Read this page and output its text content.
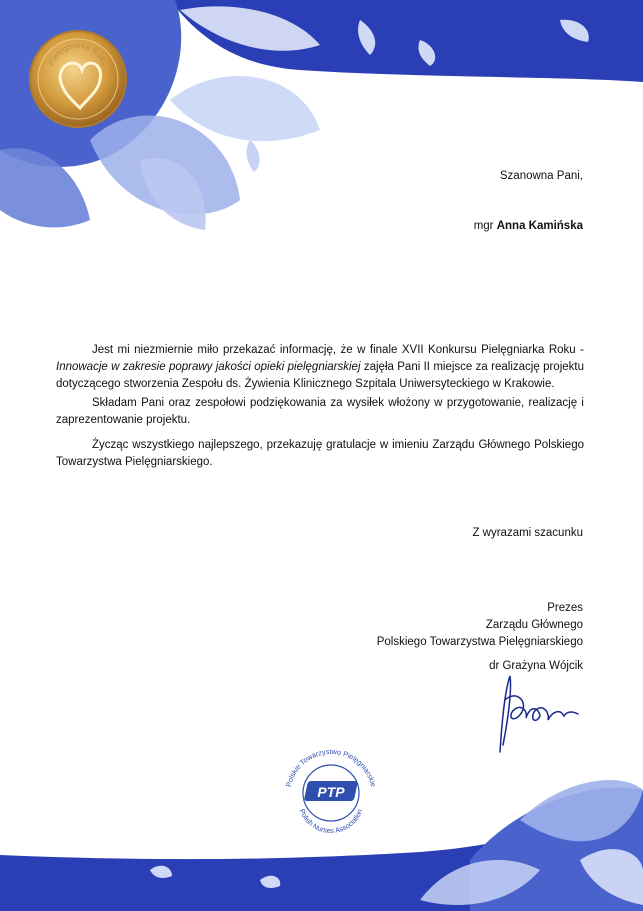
Pielęgniarka Roku
Szanowna Pani,
mgr Anna Kamińska

Jest mi niezmiernie miło przekazać informację, że w finale XVII Konkursu Pielęgniarka Roku - Innowacje w zakresie poprawy jakości opieki pielęgniarskiej zajęła Pani II miejsce za realizację projektu dotyczącego stworzenia Zespołu ds. Żywienia Klinicznego Szpitala Uniwersyteckiego w Krakowie.

Składam Pani oraz zespołowi podziękowania za wysiłek włożony w przygotowanie, realizację i zaprezentowanie projektu.

Życząc wszystkiego najlepszego, przekazuję gratulacje w imieniu Zarządu Głównego Polskiego Towarzystwa Pielęgniarskiego.

Z wyrazami szacunku
Prezes
Zarządu Głównego
Polskiego Towarzystwa Pielęgniarskiego
dr Grażyna Wójcik
PTP
Polskie Towarzystwo Pielęgniarskie
Polish Nurses Association
